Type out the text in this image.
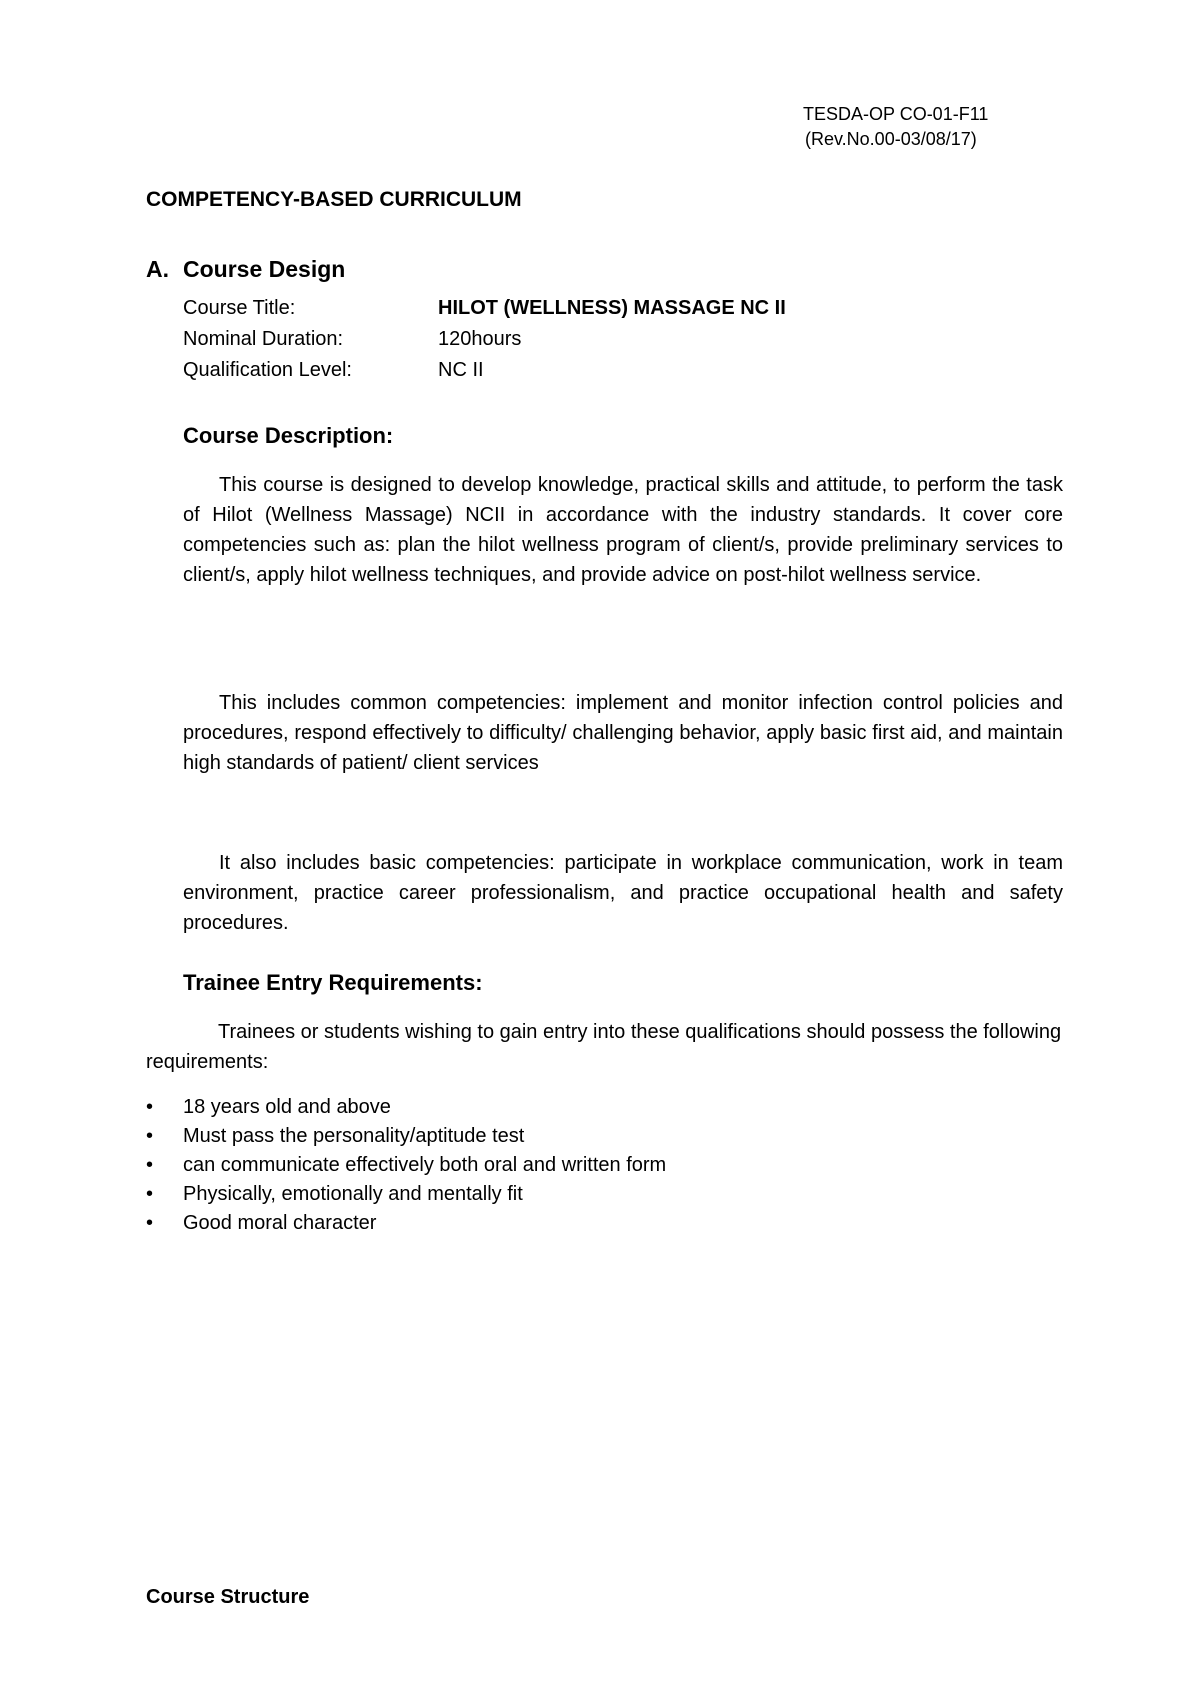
TESDA-OP CO-01-F11
(Rev.No.00-03/08/17)
COMPETENCY-BASED CURRICULUM
A. Course Design
Course Title:	HILOT (WELLNESS) MASSAGE NC II
Nominal Duration:	120hours
Qualification Level:	NC II
Course Description:

This course is designed to develop knowledge, practical skills and attitude, to perform the task of Hilot (Wellness Massage) NCII in accordance with the industry standards. It cover core competencies such as: plan the hilot wellness program of client/s, provide preliminary services to client/s, apply hilot wellness techniques, and provide advice on post-hilot wellness service.

This includes common competencies: implement and monitor infection control policies and procedures, respond effectively to difficulty/ challenging behavior, apply basic first aid, and maintain high standards of patient/ client services

It also includes basic competencies: participate in workplace communication, work in team environment, practice career professionalism, and practice occupational health and safety procedures.

Trainee Entry Requirements:

Trainees or students wishing to gain entry into these qualifications should possess the following requirements:

• 18 years old and above
• Must pass the personality/aptitude test
• can communicate effectively both oral and written form
• Physically, emotionally and mentally fit
• Good moral character
Course Structure
